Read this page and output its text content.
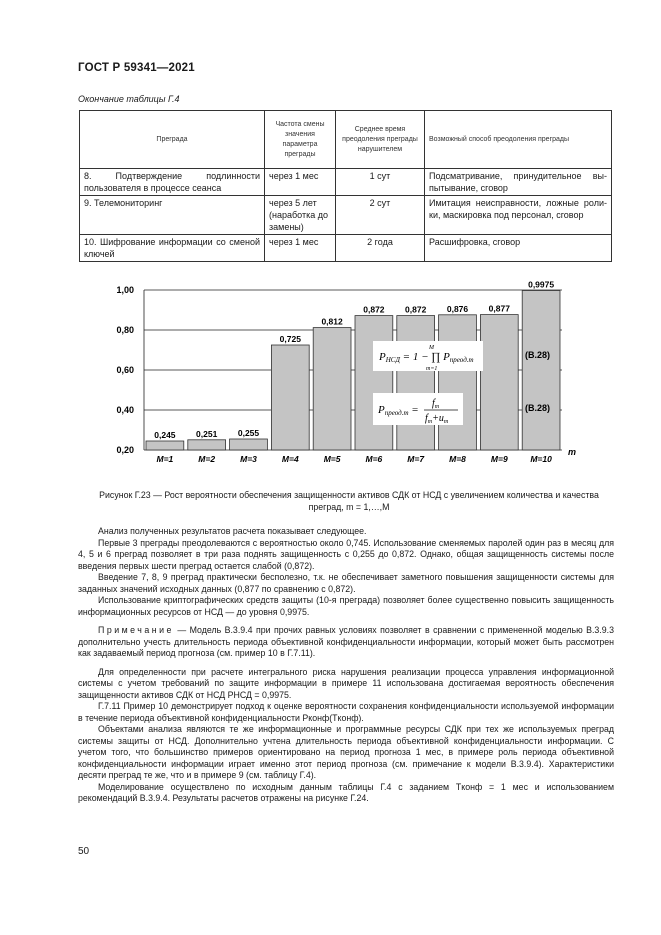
ГОСТ Р 59341—2021
Окончание таблицы Г.4
Преграда	Частота смены значения параметра преграды	Среднее время преодоления преграды нарушителем	Возможный способ преодоления преграды
8. Подтверждение подлинности пользователя в процессе сеанса	через 1 мес	1 сут	Подсматривание, принудительное вы- пытывание, сговор
9. Телемониторинг	через 5 лет (наработка до замены)	2 сут	Имитация неисправности, ложные роли- ки, маскировка под персонал, сговор
10. Шифрование информации со сменой ключей	через 1 мес	2 года	Расшифровка, сговор
1,00
0,80
0,60
0,40
0,20
0,245 0,251 0,255
0,725
0,812
0,872 0,872 0,876 0,877
0,9975
M=1	M=2	M=3	M=4	M=5	M=6	M=7	M=8	M=9	M=10
m
PНСД = 1 − ∏ Pпреод.m
M
m=1
Pпреод.m =
$f_m$
$f_m+u_m$
(В.28)
(В.28)
Рисунок Г.23 — Рост вероятности обеспечения защищенности активов СДК от НСД с увеличением количества и качества преград, m = 1,…,M

Анализ полученных результатов расчета показывает следующее.

Первые 3 преграды преодолеваются с вероятностью около 0,745. Использование сменяемых паролей один раз в месяц для 4, 5 и 6 преград позволяет в три раза поднять защищенность с 0,255 до 0,872. Однако, общая защищенность системы после введения первых шести преград остается слабой (0,872).

Введение 7, 8, 9 преград практически бесполезно, т.к. не обеспечивает заметного повышения защищенности системы для заданных значений исходных данных (0,877 по сравнению с 0,872).

Использование криптографических средств защиты (10-я преграда) позволяет более существенно повысить защищенность информационных ресурсов от НСД — до уровня 0,9975.

Примечание — Модель В.3.9.4 при прочих равных условиях позволяет в сравнении с примененной моделью В.3.9.3 дополнительно учесть длительность периода объективной конфиденциальности информации, который может быть рассмотрен как задаваемый период прогноза (см. пример 10 в Г.7.11).

Для определенности при расчете интегрального риска нарушения реализации процесса управления информационной системы с учетом требований по защите информации в примере 11 использована достигаемая вероятность обеспечения защищенности активов СДК от НСД PНСД = 0,9975.

Г.7.11 Пример 10 демонстрирует подход к оценке вероятности сохранения конфиденциальности используемой информации в течение периода объективной конфиденциальности Pконф(Tконф).

Объектами анализа являются те же информационные и программные ресурсы СДК при тех же используемых преград системы защиты от НСД. Дополнительно учтена длительность периода объективной конфиденциальности информации. С учетом того, что большинство примеров ориентировано на период прогноза 1 мес, в примере роль периода объективной конфиденциальности информации играет именно этот период прогноза (см. примечание к модели В.3.9.4). Характеристики десяти преград те же, что и в примере 9 (см. таблицу Г.4).

Моделирование осуществлено по исходным данным таблицы Г.4 с заданием Tконф = 1 мес и использованием рекомендаций В.3.9.4. Результаты расчетов отражены на рисунке Г.24.

50
